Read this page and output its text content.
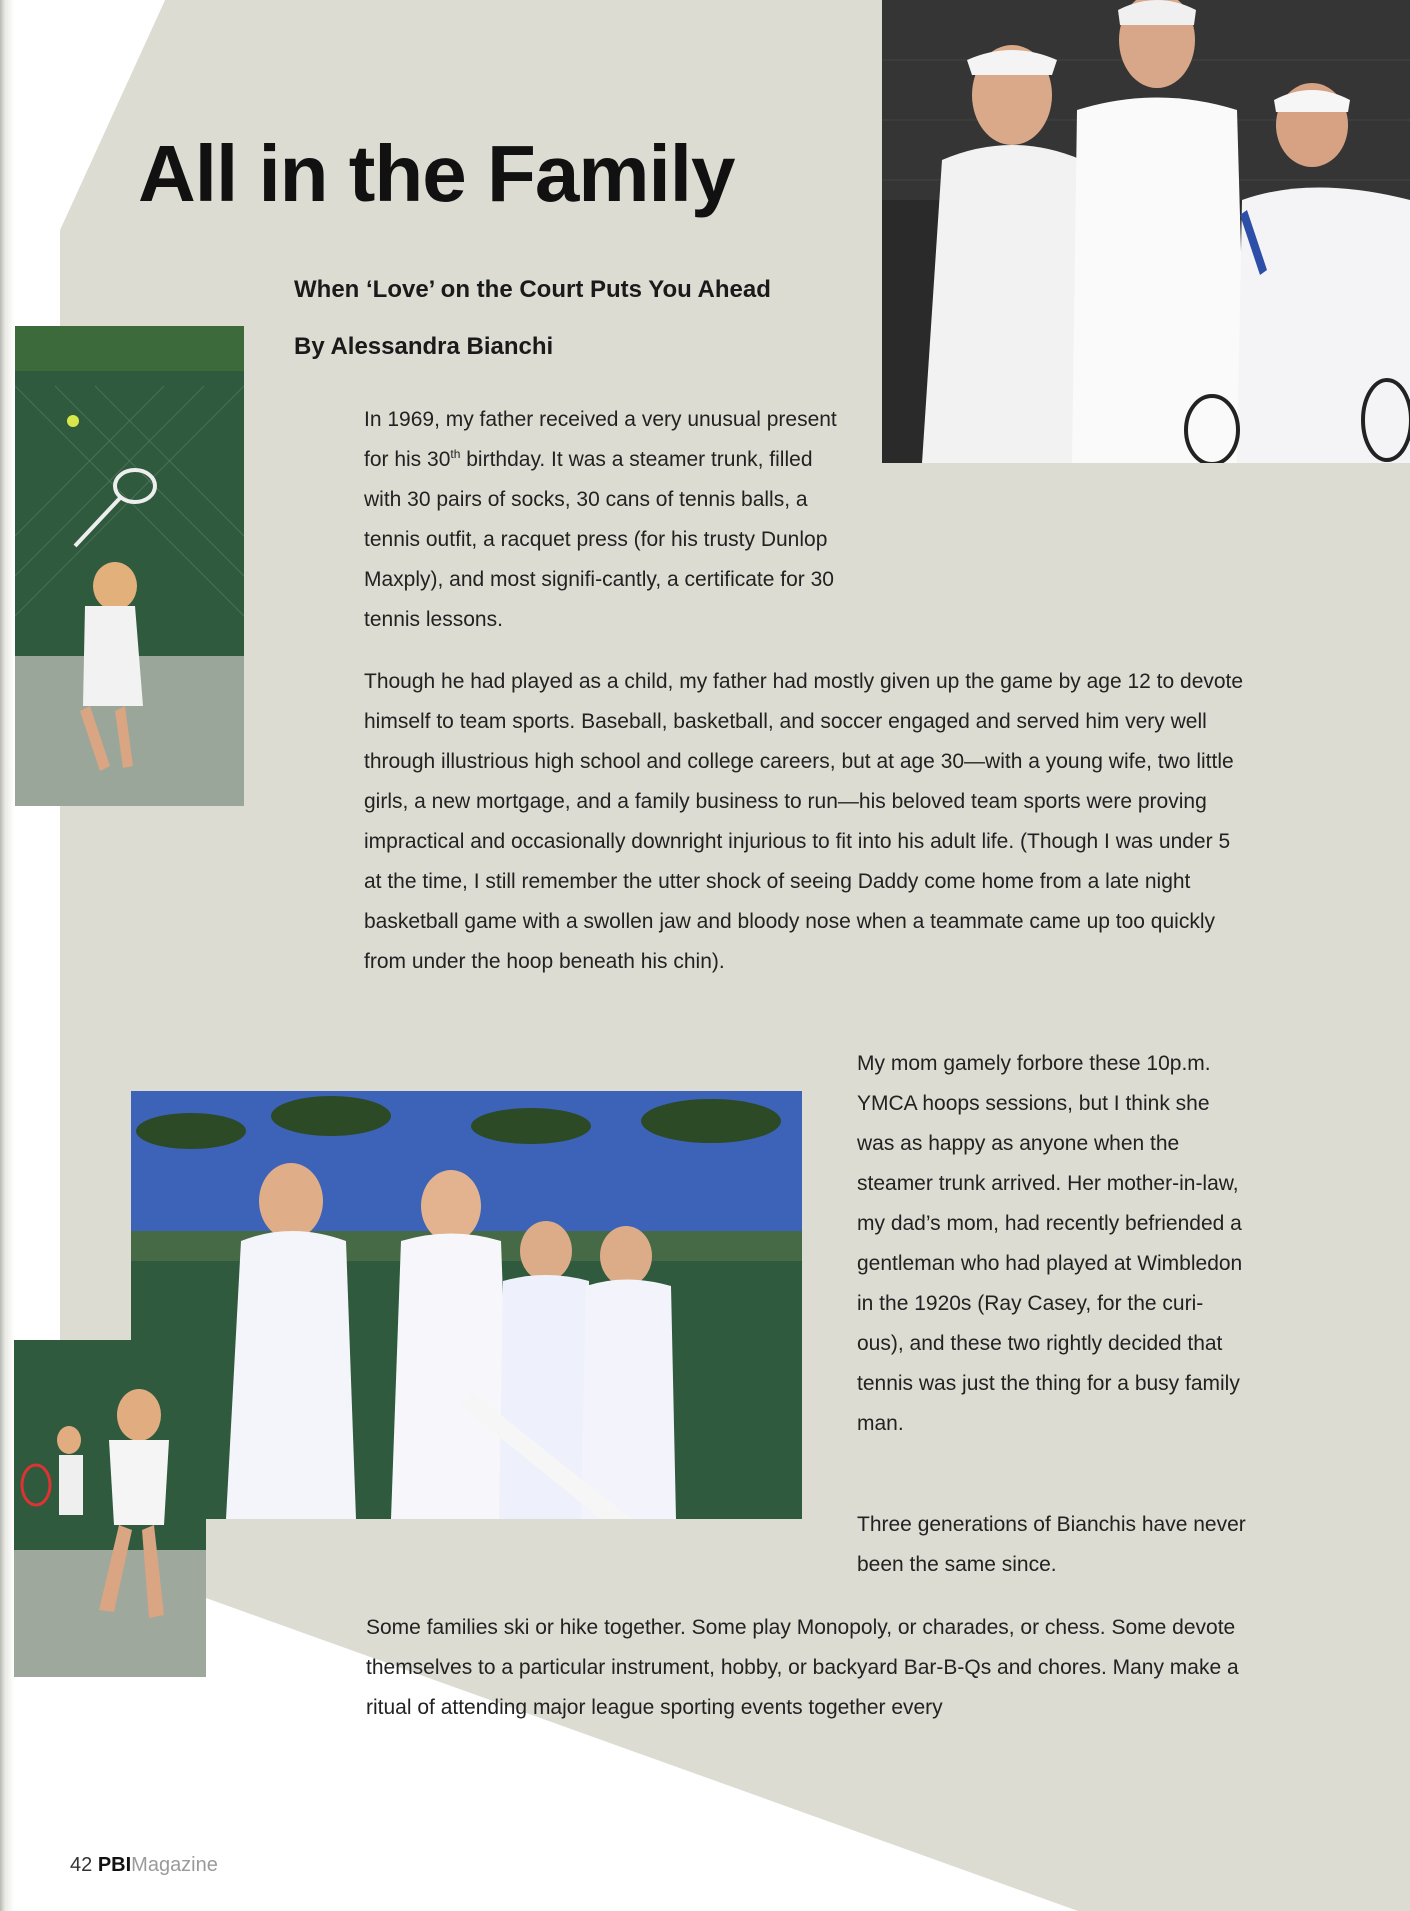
All in the Family

When ‘Love’ on the Court Puts You Ahead

By Alessandra Bianchi

In 1969, my father received a very unusual present for his 30th birthday. It was a steamer trunk, filled with 30 pairs of socks, 30 cans of tennis balls, a tennis outfit, a racquet press (for his trusty Dunlop Maxply), and most signifi-cantly, a certificate for 30 tennis lessons.

Though he had played as a child, my father had mostly given up the game by age 12 to devote himself to team sports. Baseball, basketball, and soccer engaged and served him very well through illustrious high school and college careers, but at age 30—with a young wife, two little girls, a new mortgage, and a family business to run—his beloved team sports were proving impractical and occasionally downright injurious to fit into his adult life. (Though I was under 5 at the time, I still remember the utter shock of seeing Daddy come home from a late night basketball game with a swollen jaw and bloody nose when a teammate came up too quickly from under the hoop beneath his chin).

My mom gamely forbore these 10p.m. YMCA hoops sessions, but I think she was as happy as anyone when the steamer trunk arrived. Her mother-in-law, my dad’s mom, had recently befriended a gentleman who had played at Wimbledon in the 1920s (Ray Casey, for the curi-ous), and these two rightly decided that tennis was just the thing for a busy family man.

Three generations of Bianchis have never been the same since.

Some families ski or hike together. Some play Monopoly, or charades, or chess. Some devote themselves to a particular instrument, hobby, or backyard Bar-B-Qs and chores. Many make a ritual of attending major league sporting events together every

42 PBIMagazine
